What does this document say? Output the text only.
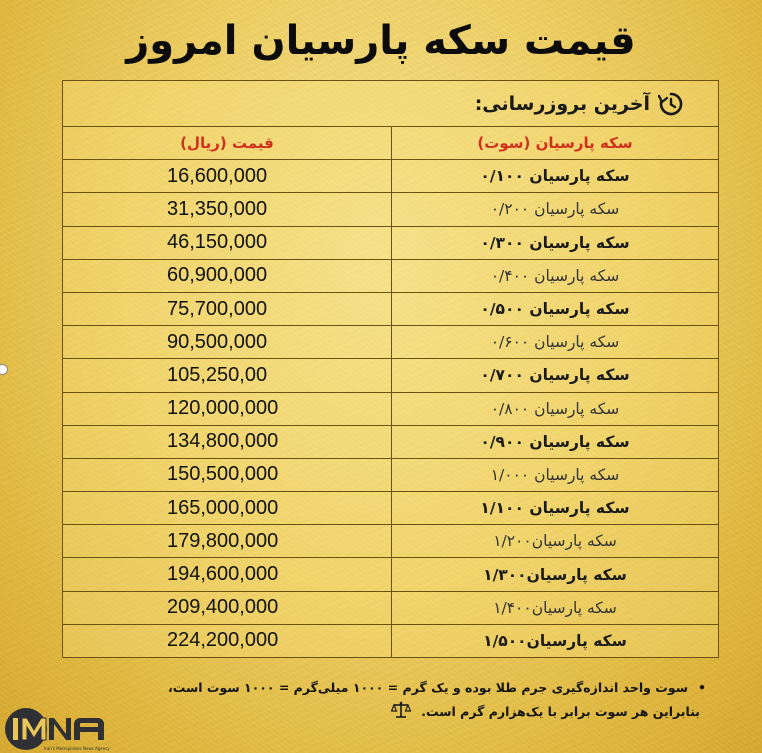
قیمت سکه پارسیان امروز
آخرین بروزرسانی:
سکه پارسیان (سوت)	قیمت (ریال)
سکه پارسیان ۰/۱۰۰	16,600,000
سکه پارسیان ۰/۲۰۰	31,350,000
سکه پارسیان ۰/۳۰۰	46,150,000
سکه پارسیان ۰/۴۰۰	60,900,000
سکه پارسیان ۰/۵۰۰	75,700,000
سکه پارسیان ۰/۶۰۰	90,500,000
سکه پارسیان ۰/۷۰۰	105,250,00
سکه پارسیان ۰/۸۰۰	120,000,000
سکه پارسیان ۰/۹۰۰	134,800,000
سکه پارسیان ۱/۰۰۰	150,500,000
سکه پارسیان ۱/۱۰۰	165,000,000
سکه پارسیان۱/۲۰۰	179,800,000
سکه پارسیان۱/۳۰۰	194,600,000
سکه پارسیان۱/۴۰۰	209,400,000
سکه پارسیان۱/۵۰۰	224,200,000
•سوت واحد اندازه‌گیری جرم طلا بوده و یک گرم = ۱۰۰۰ میلی‌گرم = ۱۰۰۰ سوت است،
بنابراین هر سوت برابر با یک‌هزارم گرم است.
Iran's Metropolises News Agency
